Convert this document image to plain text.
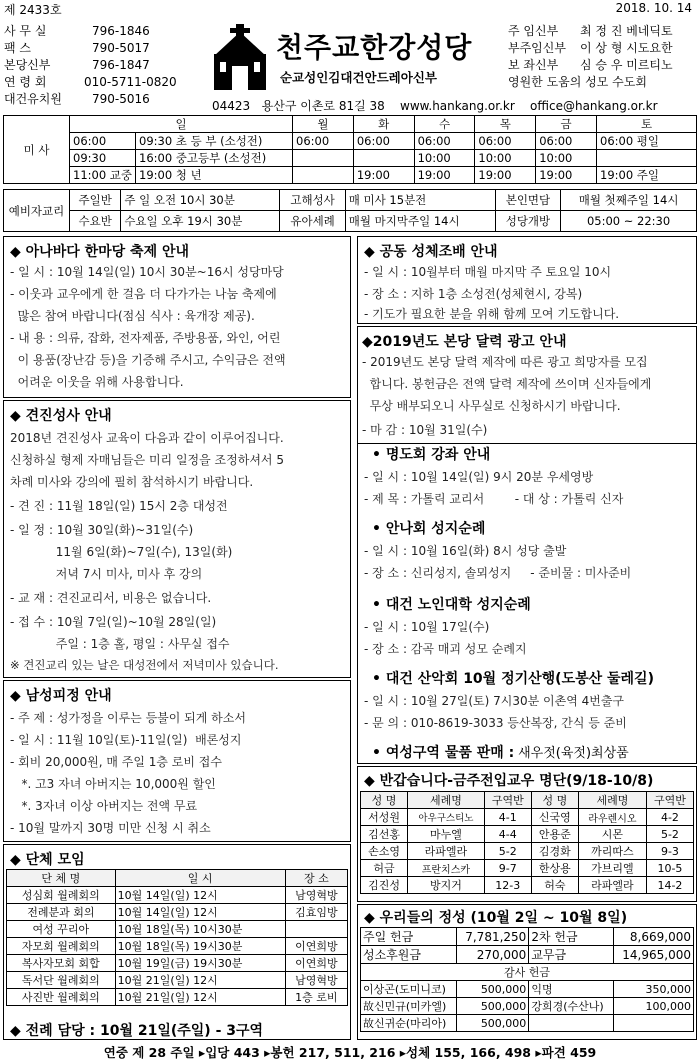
제 2433호	2018. 10. 14
사 무 실	796-1846
팩 스	790-5017
본당신부	796-1847
연 령 회	010-5711-0820
대건유치원	790-5016
천주교한강성당
순교성인김대건안드레아신부
주 임신부	최 정 진 베네딕토
부주임신부	이 상 형 시도요한
보 좌신부	심 승 우 미르티노
영원한 도움의 성모 수도회	
04423 용산구 이촌로 81길 38 www.hankang.or.kr office@hankang.or.kr
미 사	일		월	화	수	목	금	토
	06:00	09:30 초 등 부 (소성전)	06:00	06:00	06:00	06:00	06:00	06:00 평일
	09:30	16:00 중고등부 (소성전)			10:00	10:00	10:00	
	11:00 교중	19:00 청 년		19:00	19:00	19:00	19:00	19:00 주일
예비자교리	주일반	주 일 오전 10시 30분	고해성사	매 미사 15분전	본인면담	매월 첫째주일 14시
	수요반	수요일 오후 19시 30분	유아세례	매월 마지막주일 14시	성당개방	05:00 ~ 22:30
◆ 아나바다 한마당 축제 안내
- 일 시 : 10월 14일(일) 10시 30분~16시 성당마당
- 이웃과 교우에게 한 걸음 더 다가가는 나눔 축제에
많은 참여 바랍니다(점심 식사 : 육개장 제공).
- 내 용 : 의류, 잡화, 전자제품, 주방용품, 와인, 어린
이 용품(장난감 등)을 기증해 주시고, 수익금은 전액
어려운 이웃을 위해 사용합니다.
◆ 견진성사 안내
2018년 견진성사 교육이 다음과 같이 이루어집니다.
신청하실 형제 자매님들은 미리 일정을 조정하셔서 5
차례 미사와 강의에 필히 참석하시기 바랍니다.
- 견 진 : 11월 18일(일) 15시 2층 대성전
- 일 정 : 10월 30일(화)~31일(수)
11월 6일(화)~7일(수), 13일(화)
저녁 7시 미사, 미사 후 강의
- 교 재 : 견진교리서, 비용은 없습니다.
- 접 수 : 10월 7일(일)~10월 28일(일)
주일 : 1층 홀, 평일 : 사무실 접수
※ 견진교리 있는 날은 대성전에서 저녁미사 있습니다.
◆ 남성피정 안내
- 주 제 : 성가정을 이루는 등불이 되게 하소서
- 일 시 : 11월 10일(토)-11일(일)  배론성지
- 회비 20,000원, 매 주일 1층 로비 접수
*. 고3 자녀 아버지는 10,000원 할인
*. 3자녀 이상 아버지는 전액 무료
- 10월 말까지 30명 미만 신청 시 취소
◆ 단체 모임
단 체 명	일 시	장 소
성심회 월례회의	10월 14일(일) 12시	남영혁방
전례분과 회의	10월 14일(일) 12시	김효임방
여성 꾸리아	10월 18일(목) 10시30분	
자모회 월례회의	10월 18일(목) 19시30분	이연희방
복사자모회 회합	10월 19일(금) 19시30분	이연희방
독서단 월례회의	10월 21일(일) 12시	남영혁방
사진반 월례회의	10월 21일(일) 12시	1층 로비
◆ 전례 담당 : 10월 21일(주일) - 3구역
◆ 공동 성체조배 안내
- 일 시 : 10월부터 매월 마지막 주 토요일 10시
- 장 소 : 지하 1층 소성전(성체현시, 강복)
- 기도가 필요한 분을 위해 함께 모여 기도합니다.
◆2019년도 본당 달력 광고 안내
- 2019년도 본당 달력 제작에 따른 광고 희망자를 모집
합니다. 봉헌금은 전액 달력 제작에 쓰이며 신자들에게
무상 배부되오니 사무실로 신청하시기 바랍니다.
- 마 감 : 10월 31일(수)
• 명도회 강좌 안내
- 일 시 : 10월 14일(일) 9시 20분 우세영방
- 제 목 : 가톨릭 교리서        - 대 상 : 가톨릭 신자
• 안나회 성지순례
- 일 시 : 10월 16일(화) 8시 성당 출발
- 장 소 : 신리성지, 솔뫼성지     - 준비물 : 미사준비
• 대건 노인대학 성지순례
- 일 시 : 10월 17일(수)
- 장 소 : 감곡 매괴 성모 순례지
• 대건 산악회 10월 정기산행(도봉산 둘레길)
- 일 시 : 10월 27일(토) 7시30분 이촌역 4번출구
- 문 의 : 010-8619-3033 등산복장, 간식 등 준비
• 여성구역 물품 판매 : 새우젓(육젓)최상품
◆ 반갑습니다-금주전입교우 명단(9/18-10/8)
성 명	세례명	구역반	성 명	세례명	구역반
서성원	아우구스티노	4-1	신국영	라우렌시오	4-2
김선홍	마누엘	4-4	안용준	시몬	5-2
손소영	라파엘라	5-2	김경화	까리따스	9-3
허금	프란치스카	9-7	한상용	가브리엘	10-5
김진성	방지거	12-3	허숙	라파엘라	14-2
◆ 우리들의 정성 (10월 2일 ~ 10월 8일)
주일 헌금	7,781,250	2차 헌금	8,669,000
성소후원금	270,000	교무금	14,965,000
감사 헌금			
이상곤(도미니코)	500,000	익명	350,000
故신민규(미카엘)	500,000	강희경(수산나)	100,000
故신귀순(마리아)	500,000		
연중 제 28 주일 ▸입당 443 ▸봉헌 217, 511, 216 ▸성체 155, 166, 498 ▸파견 459
